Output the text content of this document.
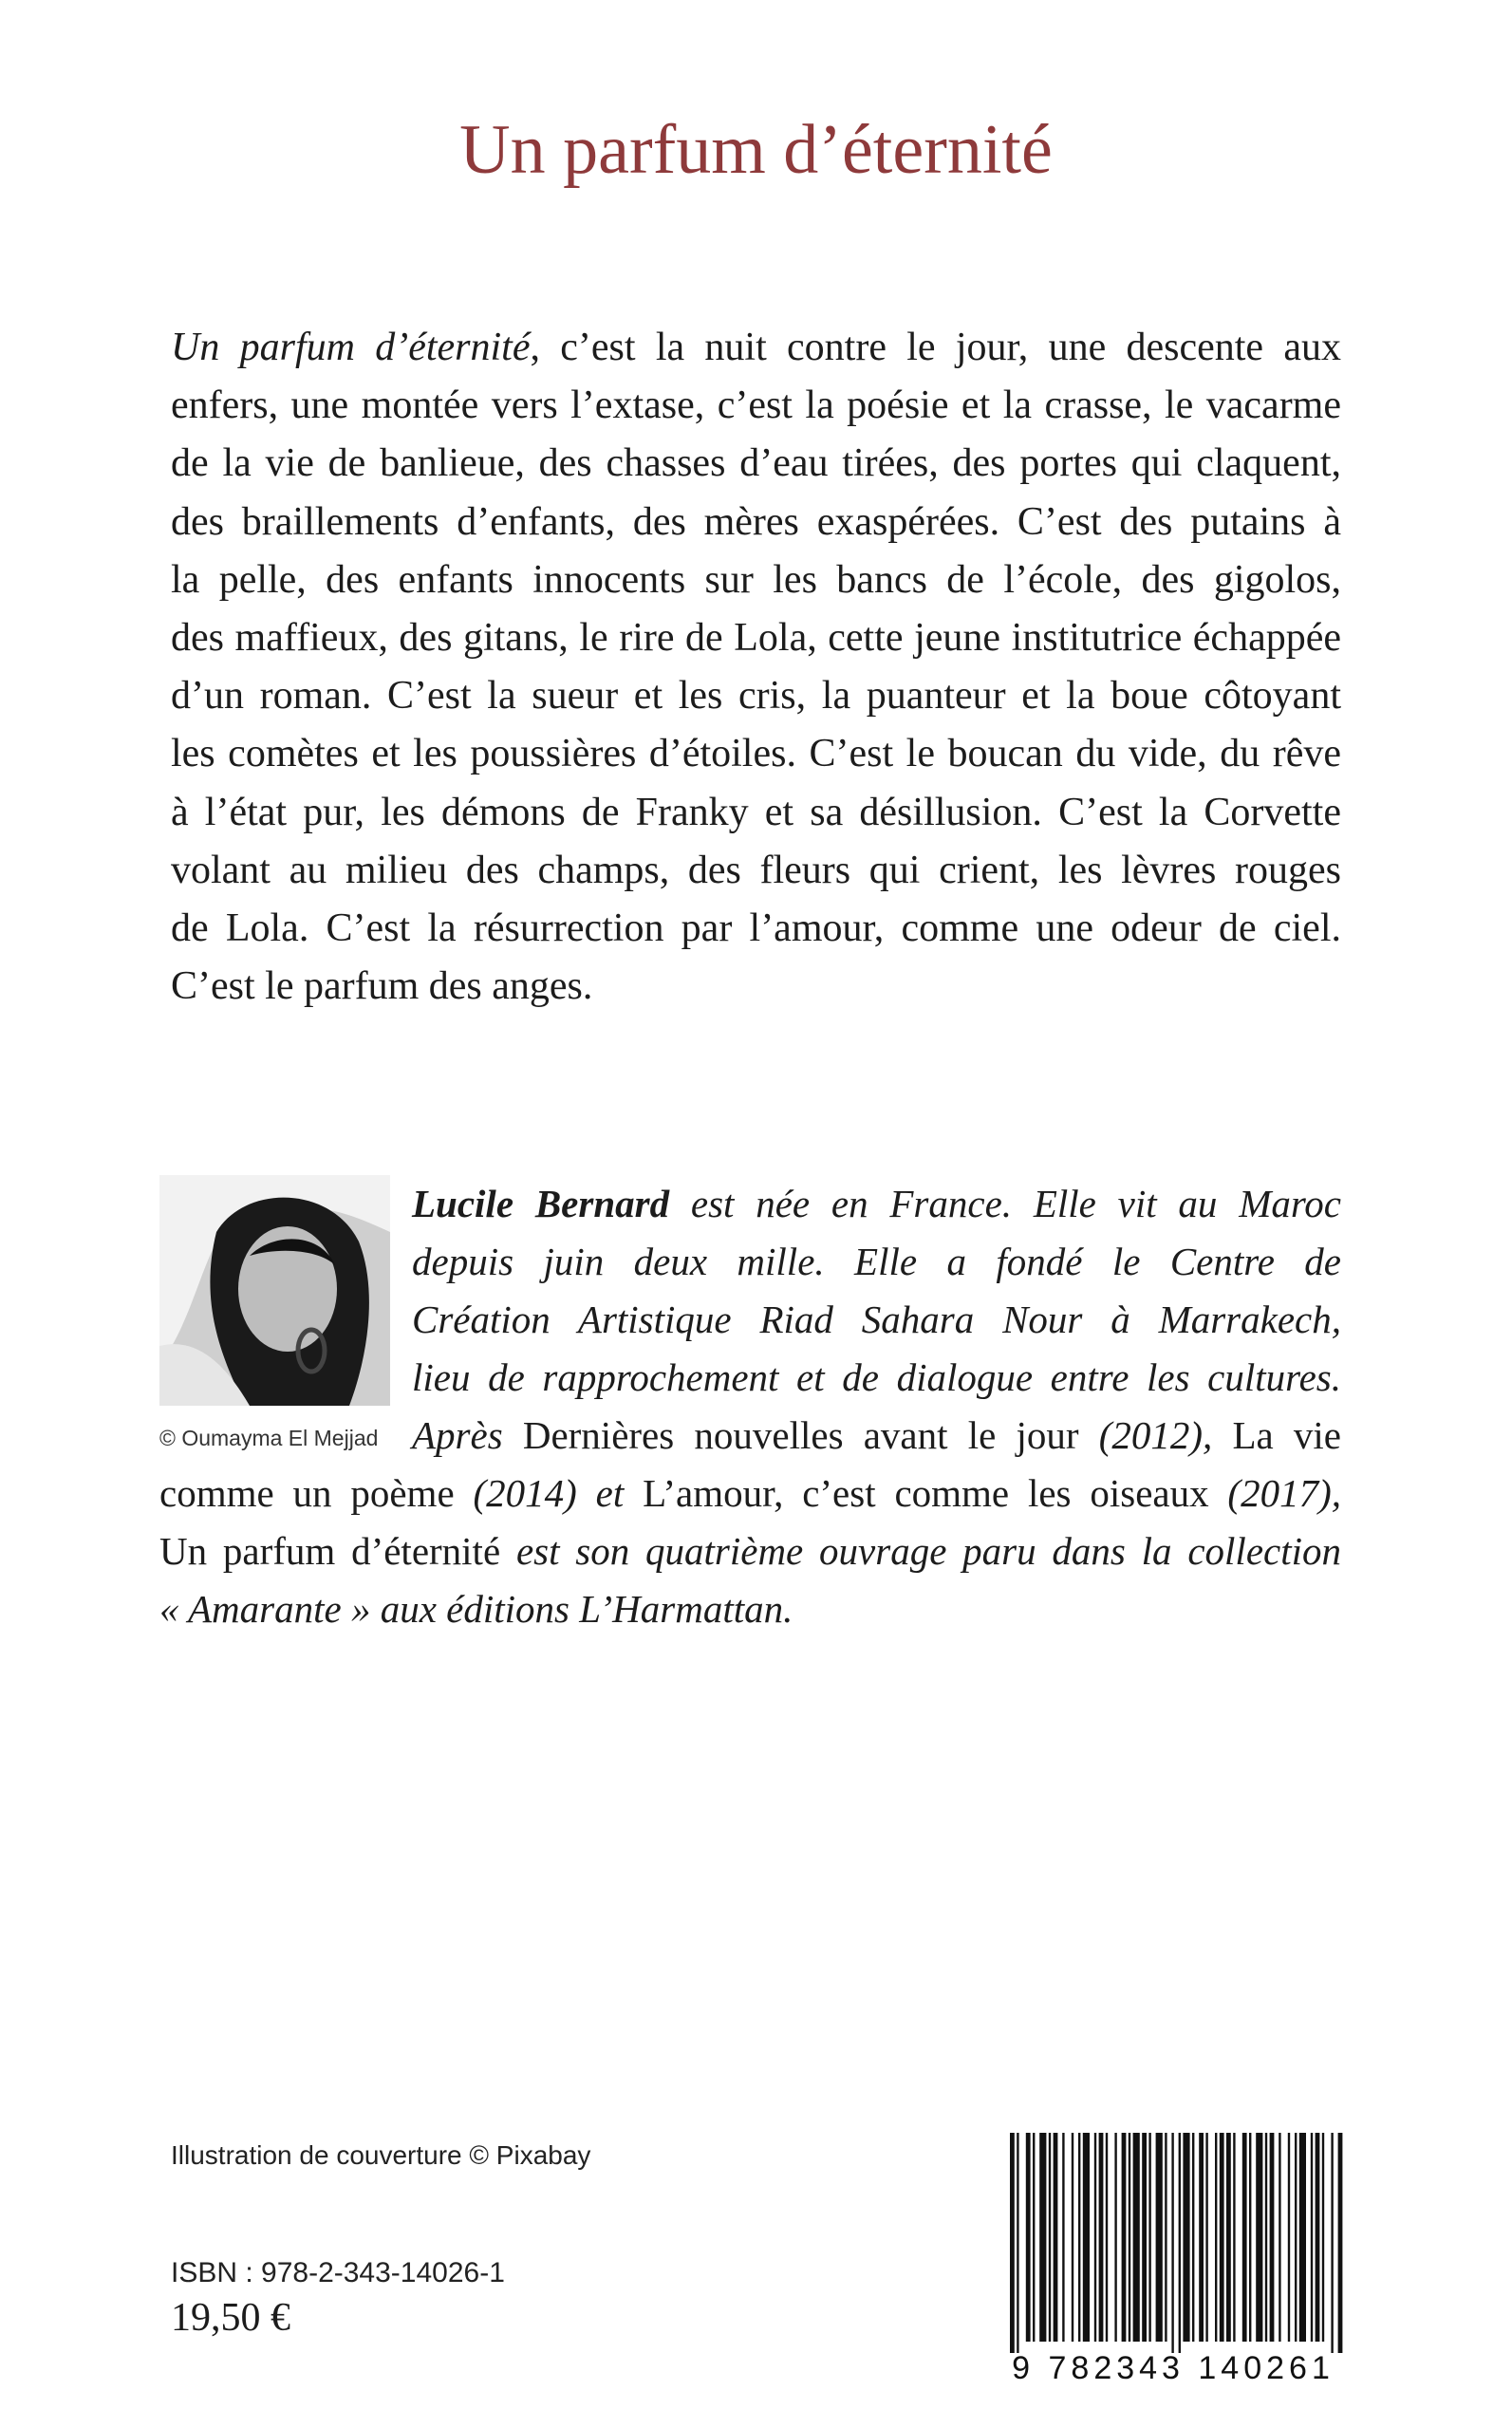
Un parfum d’éternité
Un parfum d’éternité, c’est la nuit contre le jour, une descente aux
enfers, une montée vers l’extase, c’est la poésie et la crasse, le vacarme
de la vie de banlieue, des chasses d’eau tirées, des portes qui claquent,
des braillements d’enfants, des mères exaspérées. C’est des putains à
la pelle, des enfants innocents sur les bancs de l’école, des gigolos,
des maffieux, des gitans, le rire de Lola, cette jeune institutrice échappée
d’un roman. C’est la sueur et les cris, la puanteur et la boue côtoyant
les comètes et les poussières d’étoiles. C’est le boucan du vide, du rêve
à l’état pur, les démons de Franky et sa désillusion. C’est la Corvette
volant au milieu des champs, des fleurs qui crient, les lèvres rouges
de Lola. C’est la résurrection par l’amour, comme une odeur de ciel.
C’est le parfum des anges.
© Oumayma El Mejjad
Lucile Bernard est née en France. Elle vit au Maroc
depuis juin deux mille. Elle a fondé le Centre de
Création Artistique Riad Sahara Nour à Marrakech,
lieu de rapprochement et de dialogue entre les cultures.
Après Dernières nouvelles avant le jour (2012), La vie
comme un poème (2014) et L’amour, c’est comme les oiseaux (2017),
Un parfum d’éternité est son quatrième ouvrage paru dans la collection
« Amarante » aux éditions L’Harmattan.
Illustration de couverture © Pixabay
ISBN : 978-2-343-14026-1
19,50 €
9 782343 140261
